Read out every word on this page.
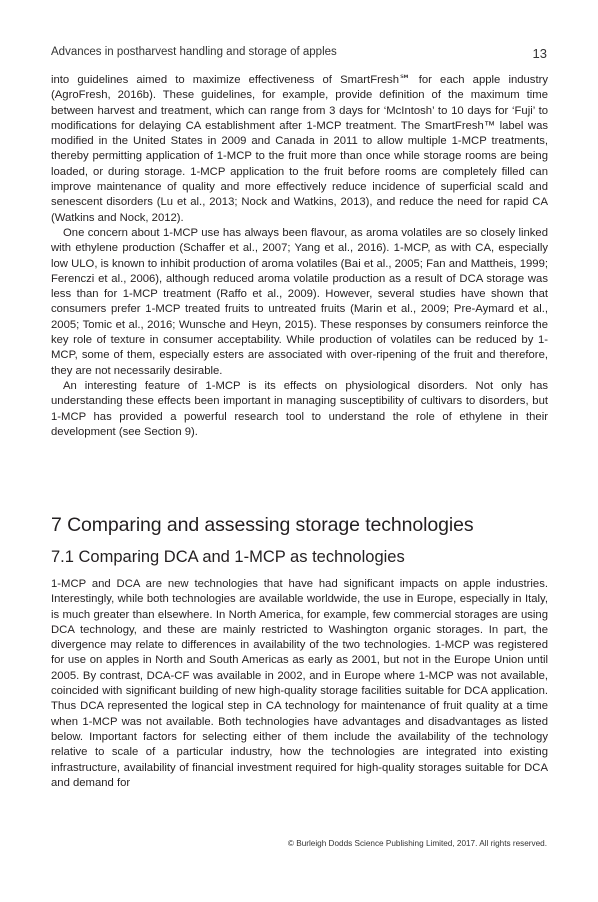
Advances in postharvest handling and storage of apples	13

into guidelines aimed to maximize effectiveness of SmartFresh℠ for each apple industry (AgroFresh, 2016b). These guidelines, for example, provide definition of the maximum time between harvest and treatment, which can range from 3 days for ‘McIntosh’ to 10 days for ‘Fuji’ to modifications for delaying CA establishment after 1-MCP treatment. The SmartFresh™ label was modified in the United States in 2009 and Canada in 2011 to allow multiple 1-MCP treatments, thereby permitting application of 1-MCP to the fruit more than once while storage rooms are being loaded, or during storage. 1-MCP application to the fruit before rooms are completely filled can improve maintenance of quality and more effectively reduce incidence of superficial scald and senescent disorders (Lu et al., 2013; Nock and Watkins, 2013), and reduce the need for rapid CA (Watkins and Nock, 2012).

One concern about 1-MCP use has always been flavour, as aroma volatiles are so closely linked with ethylene production (Schaffer et al., 2007; Yang et al., 2016). 1-MCP, as with CA, especially low ULO, is known to inhibit production of aroma volatiles (Bai et al., 2005; Fan and Mattheis, 1999; Ferenczi et al., 2006), although reduced aroma volatile production as a result of DCA storage was less than for 1-MCP treatment (Raffo et al., 2009). However, several studies have shown that consumers prefer 1-MCP treated fruits to untreated fruits (Marin et al., 2009; Pre-Aymard et al., 2005; Tomic et al., 2016; Wunsche and Heyn, 2015). These responses by consumers reinforce the key role of texture in consumer acceptability. While production of volatiles can be reduced by 1-MCP, some of them, especially esters are associated with over-ripening of the fruit and therefore, they are not necessarily desirable.

An interesting feature of 1-MCP is its effects on physiological disorders. Not only has understanding these effects been important in managing susceptibility of cultivars to disorders, but 1-MCP has provided a powerful research tool to understand the role of ethylene in their development (see Section 9).

7 Comparing and assessing storage technologies
7.1 Comparing DCA and 1-MCP as technologies

1-MCP and DCA are new technologies that have had significant impacts on apple industries. Interestingly, while both technologies are available worldwide, the use in Europe, especially in Italy, is much greater than elsewhere. In North America, for example, few commercial storages are using DCA technology, and these are mainly restricted to Washington organic storages. In part, the divergence may relate to differences in availability of the two technologies. 1-MCP was registered for use on apples in North and South Americas as early as 2001, but not in the Europe Union until 2005. By contrast, DCA-CF was available in 2002, and in Europe where 1-MCP was not available, coincided with significant building of new high-quality storage facilities suitable for DCA application. Thus DCA represented the logical step in CA technology for maintenance of fruit quality at a time when 1-MCP was not available. Both technologies have advantages and disadvantages as listed below. Important factors for selecting either of them include the availability of the technology relative to scale of a particular industry, how the technologies are integrated into existing infrastructure, availability of financial investment required for high-quality storages suitable for DCA and demand for

© Burleigh Dodds Science Publishing Limited, 2017. All rights reserved.
